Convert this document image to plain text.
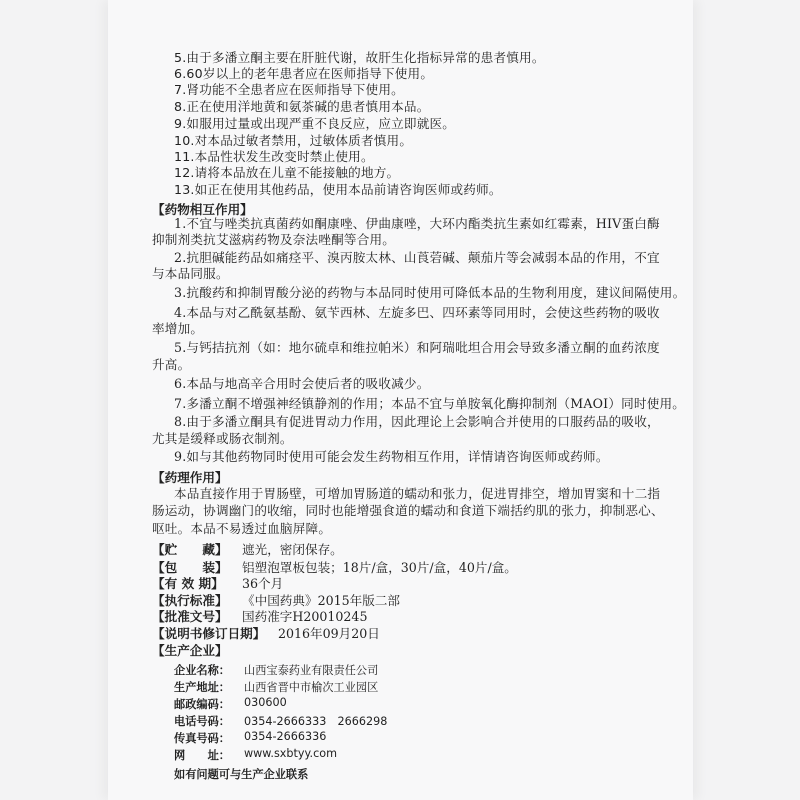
5.由于多潘立酮主要在肝脏代谢，故肝生化指标异常的患者慎用。
6.60岁以上的老年患者应在医师指导下使用。
7.肾功能不全患者应在医师指导下使用。
8.正在使用洋地黄和氨茶碱的患者慎用本品。
9.如服用过量或出现严重不良反应，应立即就医。
10.对本品过敏者禁用，过敏体质者慎用。
11.本品性状发生改变时禁止使用。
12.请将本品放在儿童不能接触的地方。
13.如正在使用其他药品，使用本品前请咨询医师或药师。
【药物相互作用】
1.不宜与唑类抗真菌药如酮康唑、伊曲康唑，大环内酯类抗生素如红霉素，HIV蛋白酶
抑制剂类抗艾滋病药物及奈法唑酮等合用。
2.抗胆碱能药品如痛痉平、溴丙胺太林、山莨菪碱、颠茄片等会减弱本品的作用，不宜
与本品同服。
3.抗酸药和抑制胃酸分泌的药物与本品同时使用可降低本品的生物利用度，建议间隔使用。
4.本品与对乙酰氨基酚、氨苄西林、左旋多巴、四环素等同用时，会使这些药物的吸收
率增加。
5.与钙拮抗剂（如：地尔硫卓和维拉帕米）和阿瑞吡坦合用会导致多潘立酮的血药浓度
升高。
6.本品与地高辛合用时会使后者的吸收减少。
7.多潘立酮不增强神经镇静剂的作用；本品不宜与单胺氧化酶抑制剂（MAOI）同时使用。
8.由于多潘立酮具有促进胃动力作用，因此理论上会影响合并使用的口服药品的吸收，
尤其是缓释或肠衣制剂。
9.如与其他药物同时使用可能会发生药物相互作用，详情请咨询医师或药师。
【药理作用】
本品直接作用于胃肠壁，可增加胃肠道的蠕动和张力，促进胃排空，增加胃窦和十二指
肠运动，协调幽门的收缩，同时也能增强食道的蠕动和食道下端括约肌的张力，抑制恶心、
呕吐。本品不易透过血脑屏障。
【贮　　藏】 遮光，密闭保存。
【包　　装】 铝塑泡罩板包装；18片/盒，30片/盒，40片/盒。
【有 效 期】 36个月
【执行标准】 《中国药典》2015年版二部
【批准文号】 国药准字H20010245
【说明书修订日期】 2016年09月20日
【生产企业】
企业名称： 山西宝泰药业有限责任公司
生产地址： 山西省晋中市榆次工业园区
邮政编码： 030600
电话号码： 0354-2666333　2666298
传真号码： 0354-2666336
网　　址： www.sxbtyy.com
如有问题可与生产企业联系
